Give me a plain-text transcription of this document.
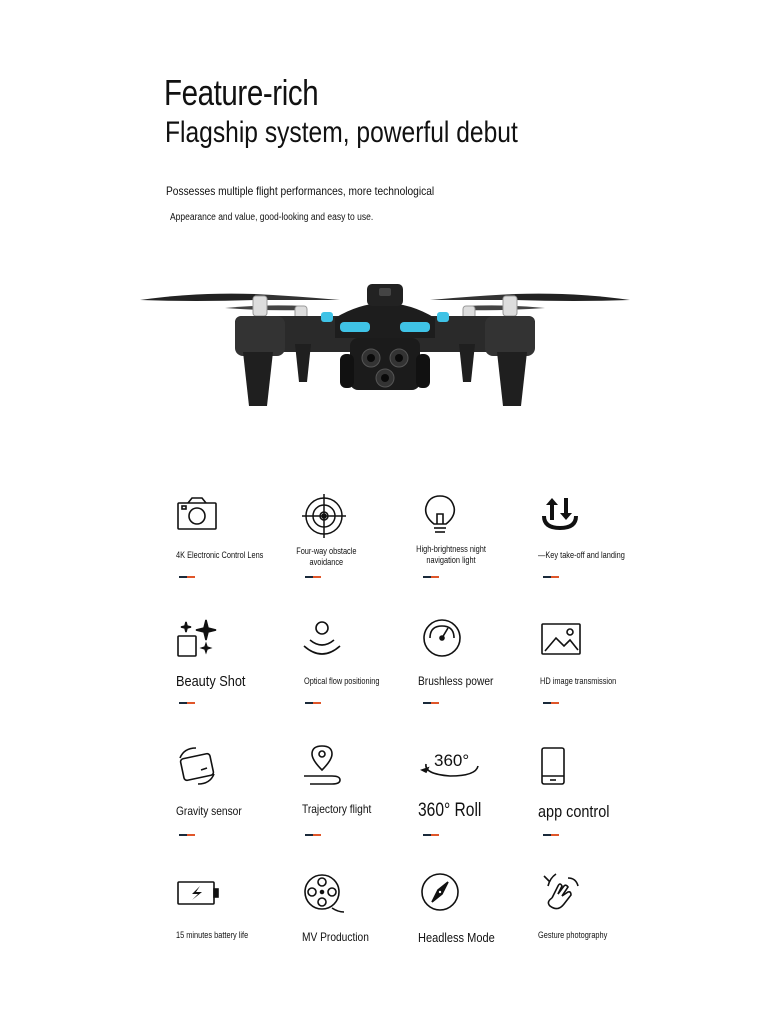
Feature-rich
Flagship system, powerful debut
Possesses multiple flight performances, more technological
Appearance and value, good-looking and easy to use.
4K Electronic Control Lens	Four-way obstacle avoidance
High-brightness night navigation light
—Key take-off and landing
Beauty Shot	Optical flow positioning	Brushless power	HD image transmission
Gravity sensor	Trajectory flight
360°
360° Roll	app control
15 minutes battery life	MV Production	Headless Mode	Gesture photography
